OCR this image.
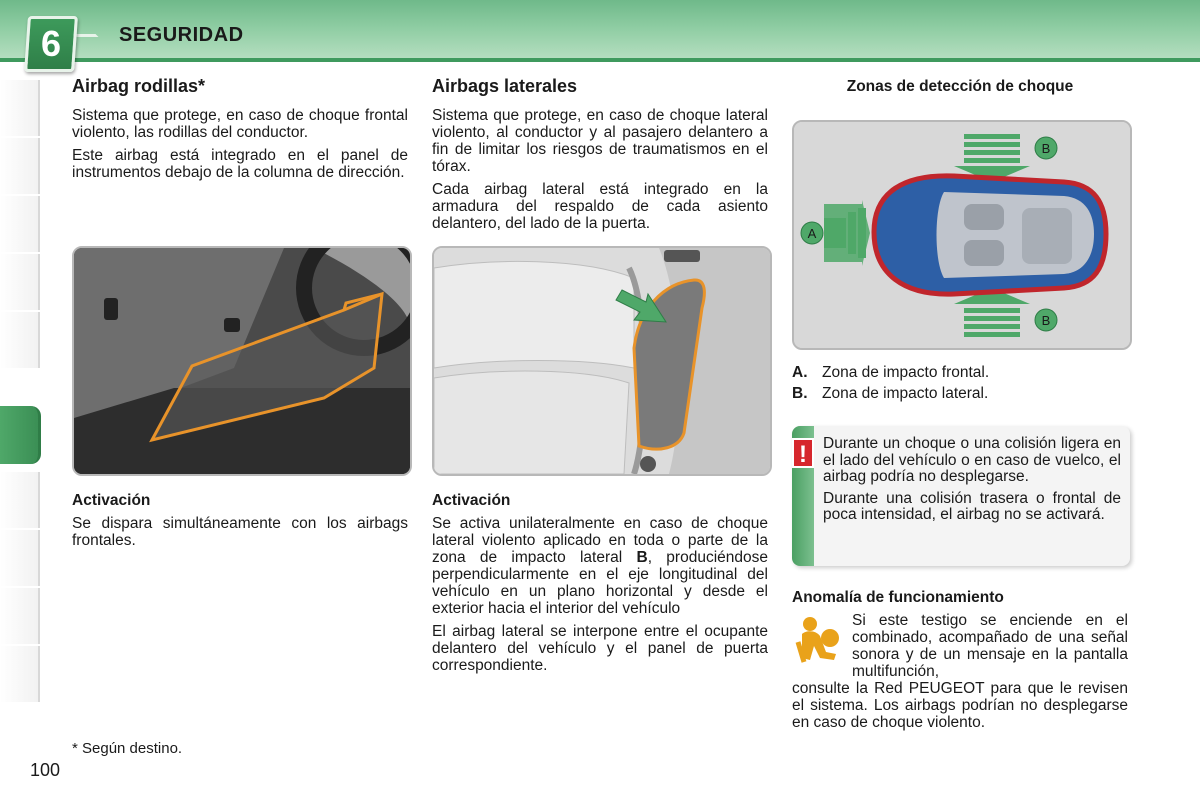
6	SEGURIDAD
Airbag rodillas*

Sistema que protege, en caso de choque frontal violento, las rodillas del conductor.

Este airbag está integrado en el panel de instrumentos debajo de la columna de dirección.

Activación

Se dispara simultáneamente con los airbags frontales.

Airbags laterales

Sistema que protege, en caso de choque lateral violento, al conductor y al pasajero delantero a fin de limitar los riesgos de traumatismos en el tórax.

Cada airbag lateral está integrado en la armadura del respaldo de cada asiento delantero, del lado de la puerta.

Activación

Se activa unilateralmente en caso de choque lateral violento aplicado en toda o parte de la zona de impacto lateral B, produciéndose perpendicularmente en el eje longitudinal del vehículo en un plano horizontal y desde el exterior hacia el interior del vehículo

El airbag lateral se interpone entre el ocupante delantero del vehículo y el panel de puerta correspondiente.

Zonas de detección de choque
A
B
B
A. Zona de impacto frontal.
B. Zona de impacto lateral.
!	Durante un choque o una colisión ligera en el lado del vehículo o en caso de vuelco, el airbag podría no desplegarse.

Durante una colisión trasera o frontal de poca intensidad, el airbag no se activará.

Anomalía de funcionamiento

Si este testigo se enciende en el combinado, acompañado de una señal sonora y de un mensaje en la pantalla multifunción,

consulte la Red PEUGEOT para que le revisen el sistema. Los airbags podrían no desplegarse en caso de choque violento.

* Según destino.
100
